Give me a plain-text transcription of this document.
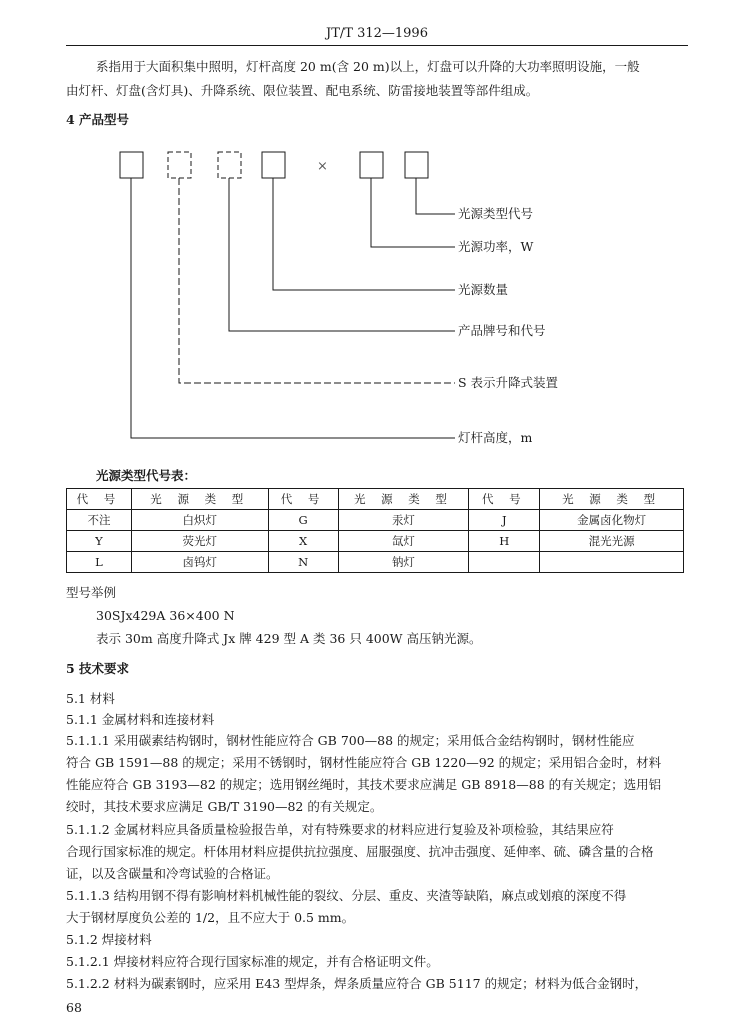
JT/T 312—1996
系指用于大面积集中照明，灯杆高度 20 m(含 20 m)以上，灯盘可以升降的大功率照明设施，一般
由灯杆、灯盘(含灯具)、升降系统、限位装置、配电系统、防雷接地装置等部件组成。
4 产品型号
×
光源类型代号
光源功率，W
光源数量
产品牌号和代号
S 表示升降式装置
灯杆高度，m
光源类型代号表：
代 号	光 源 类 型	代 号	光 源 类 型	代 号	光 源 类 型
不注	白炽灯	G	汞灯	J	金属卤化物灯
Y	荧光灯	X	氙灯	H	混光光源
L	卤钨灯	N	钠灯		
型号举例
30SJx429A 36×400 N
表示 30m 高度升降式 Jx 牌 429 型 A 类 36 只 400W 高压钠光源。
5 技术要求
5.1 材料
5.1.1 金属材料和连接材料
5.1.1.1 采用碳素结构钢时，钢材性能应符合 GB 700—88 的规定；采用低合金结构钢时，钢材性能应
符合 GB 1591—88 的规定；采用不锈钢时，钢材性能应符合 GB 1220—92 的规定；采用铝合金时，材料
性能应符合 GB 3193—82 的规定；选用钢丝绳时，其技术要求应满足 GB 8918—88 的有关规定；选用铝
绞时，其技术要求应满足 GB/T 3190—82 的有关规定。
5.1.1.2 金属材料应具备质量检验报告单，对有特殊要求的材料应进行复验及补项检验，其结果应符
合现行国家标准的规定。杆体用材料应提供抗拉强度、屈服强度、抗冲击强度、延伸率、硫、磷含量的合格
证，以及含碳量和冷弯试验的合格证。
5.1.1.3 结构用钢不得有影响材料机械性能的裂纹、分层、重皮、夹渣等缺陷，麻点或划痕的深度不得
大于钢材厚度负公差的 1/2，且不应大于 0.5 mm。
5.1.2 焊接材料
5.1.2.1 焊接材料应符合现行国家标准的规定，并有合格证明文件。
5.1.2.2 材料为碳素钢时，应采用 E43 型焊条，焊条质量应符合 GB 5117 的规定；材料为低合金钢时，
68
